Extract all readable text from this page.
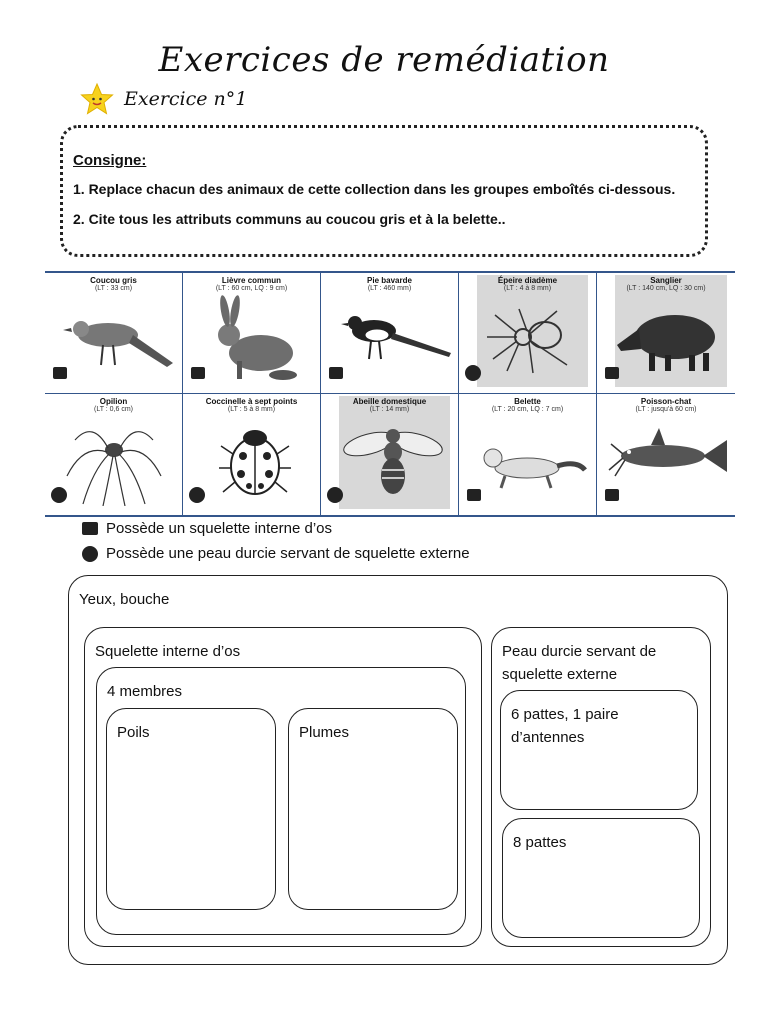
Exercices de remédiation
Exercice n°1
Consigne:
1. Replace chacun des animaux de cette collection dans les groupes emboîtés ci-dessous.
2. Cite tous les attributs communs au coucou gris et à la belette..
Coucou gris
(LT : 33 cm)
Lièvre commun
(LT : 60 cm, LQ : 9 cm)
Pie bavarde
(LT : 460 mm)
Épeire diadème
(LT : 4 à 8 mm)
Sanglier
(LT : 140 cm, LQ : 30 cm)
Opilion
(LT : 0,6 cm)
Coccinelle à sept points
(LT : 5 à 8 mm)
Abeille domestique
(LT : 14 mm)
Belette
(LT : 20 cm, LQ : 7 cm)
Poisson-chat
(LT : jusqu'à 60 cm)
Possède un squelette interne d’os
Possède une peau durcie servant de squelette externe
Yeux, bouche
Squelette interne d’os
4 membres
Poils	Plumes
Peau durcie servant de squelette externe
6 pattes, 1 paire d’antennes
8 pattes
